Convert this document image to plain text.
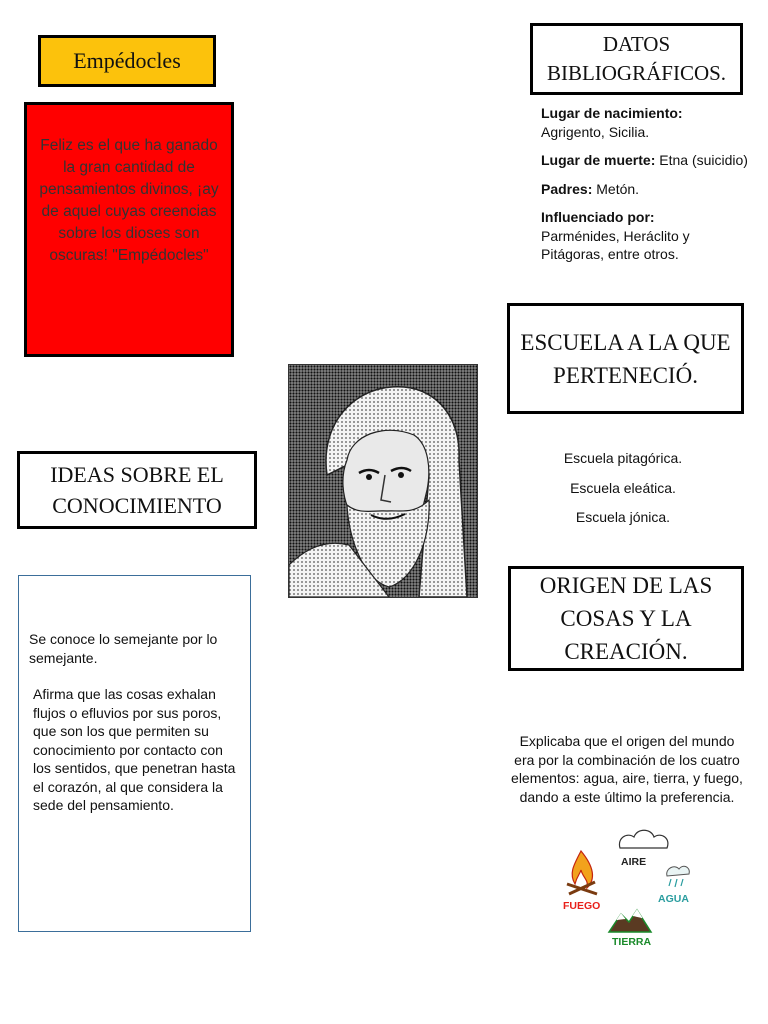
Empédocles
Feliz es el que ha ganado la gran cantidad de pensamientos divinos, ¡ay de aquel cuyas creencias sobre los dioses son oscuras! "Empédocles"
IDEAS SOBRE EL CONOCIMIENTO

Se conoce lo semejante por lo semejante.

Afirma que las cosas exhalan flujos o efluvios por sus poros, que son los que permiten su conocimiento por contacto con los sentidos, que penetran hasta el corazón, al que considera la sede del pensamiento.

DATOS BIBLIOGRÁFICOS.
Lugar de nacimiento:
Agrigento, Sicilia.
Lugar de muerte: Etna (suicidio)
Padres: Metón.
Influenciado por:
Parménides, Heráclito y Pitágoras, entre otros.
ESCUELA A LA QUE PERTENECIÓ.
Escuela pitagórica.
Escuela eleática.
Escuela jónica.
ORIGEN DE LAS COSAS Y LA CREACIÓN.
Explicaba que el origen del mundo era por la combinación de los cuatro elementos: agua, aire, tierra, y fuego, dando a este último la preferencia.
AIRE
FUEGO
AGUA
TIERRA
